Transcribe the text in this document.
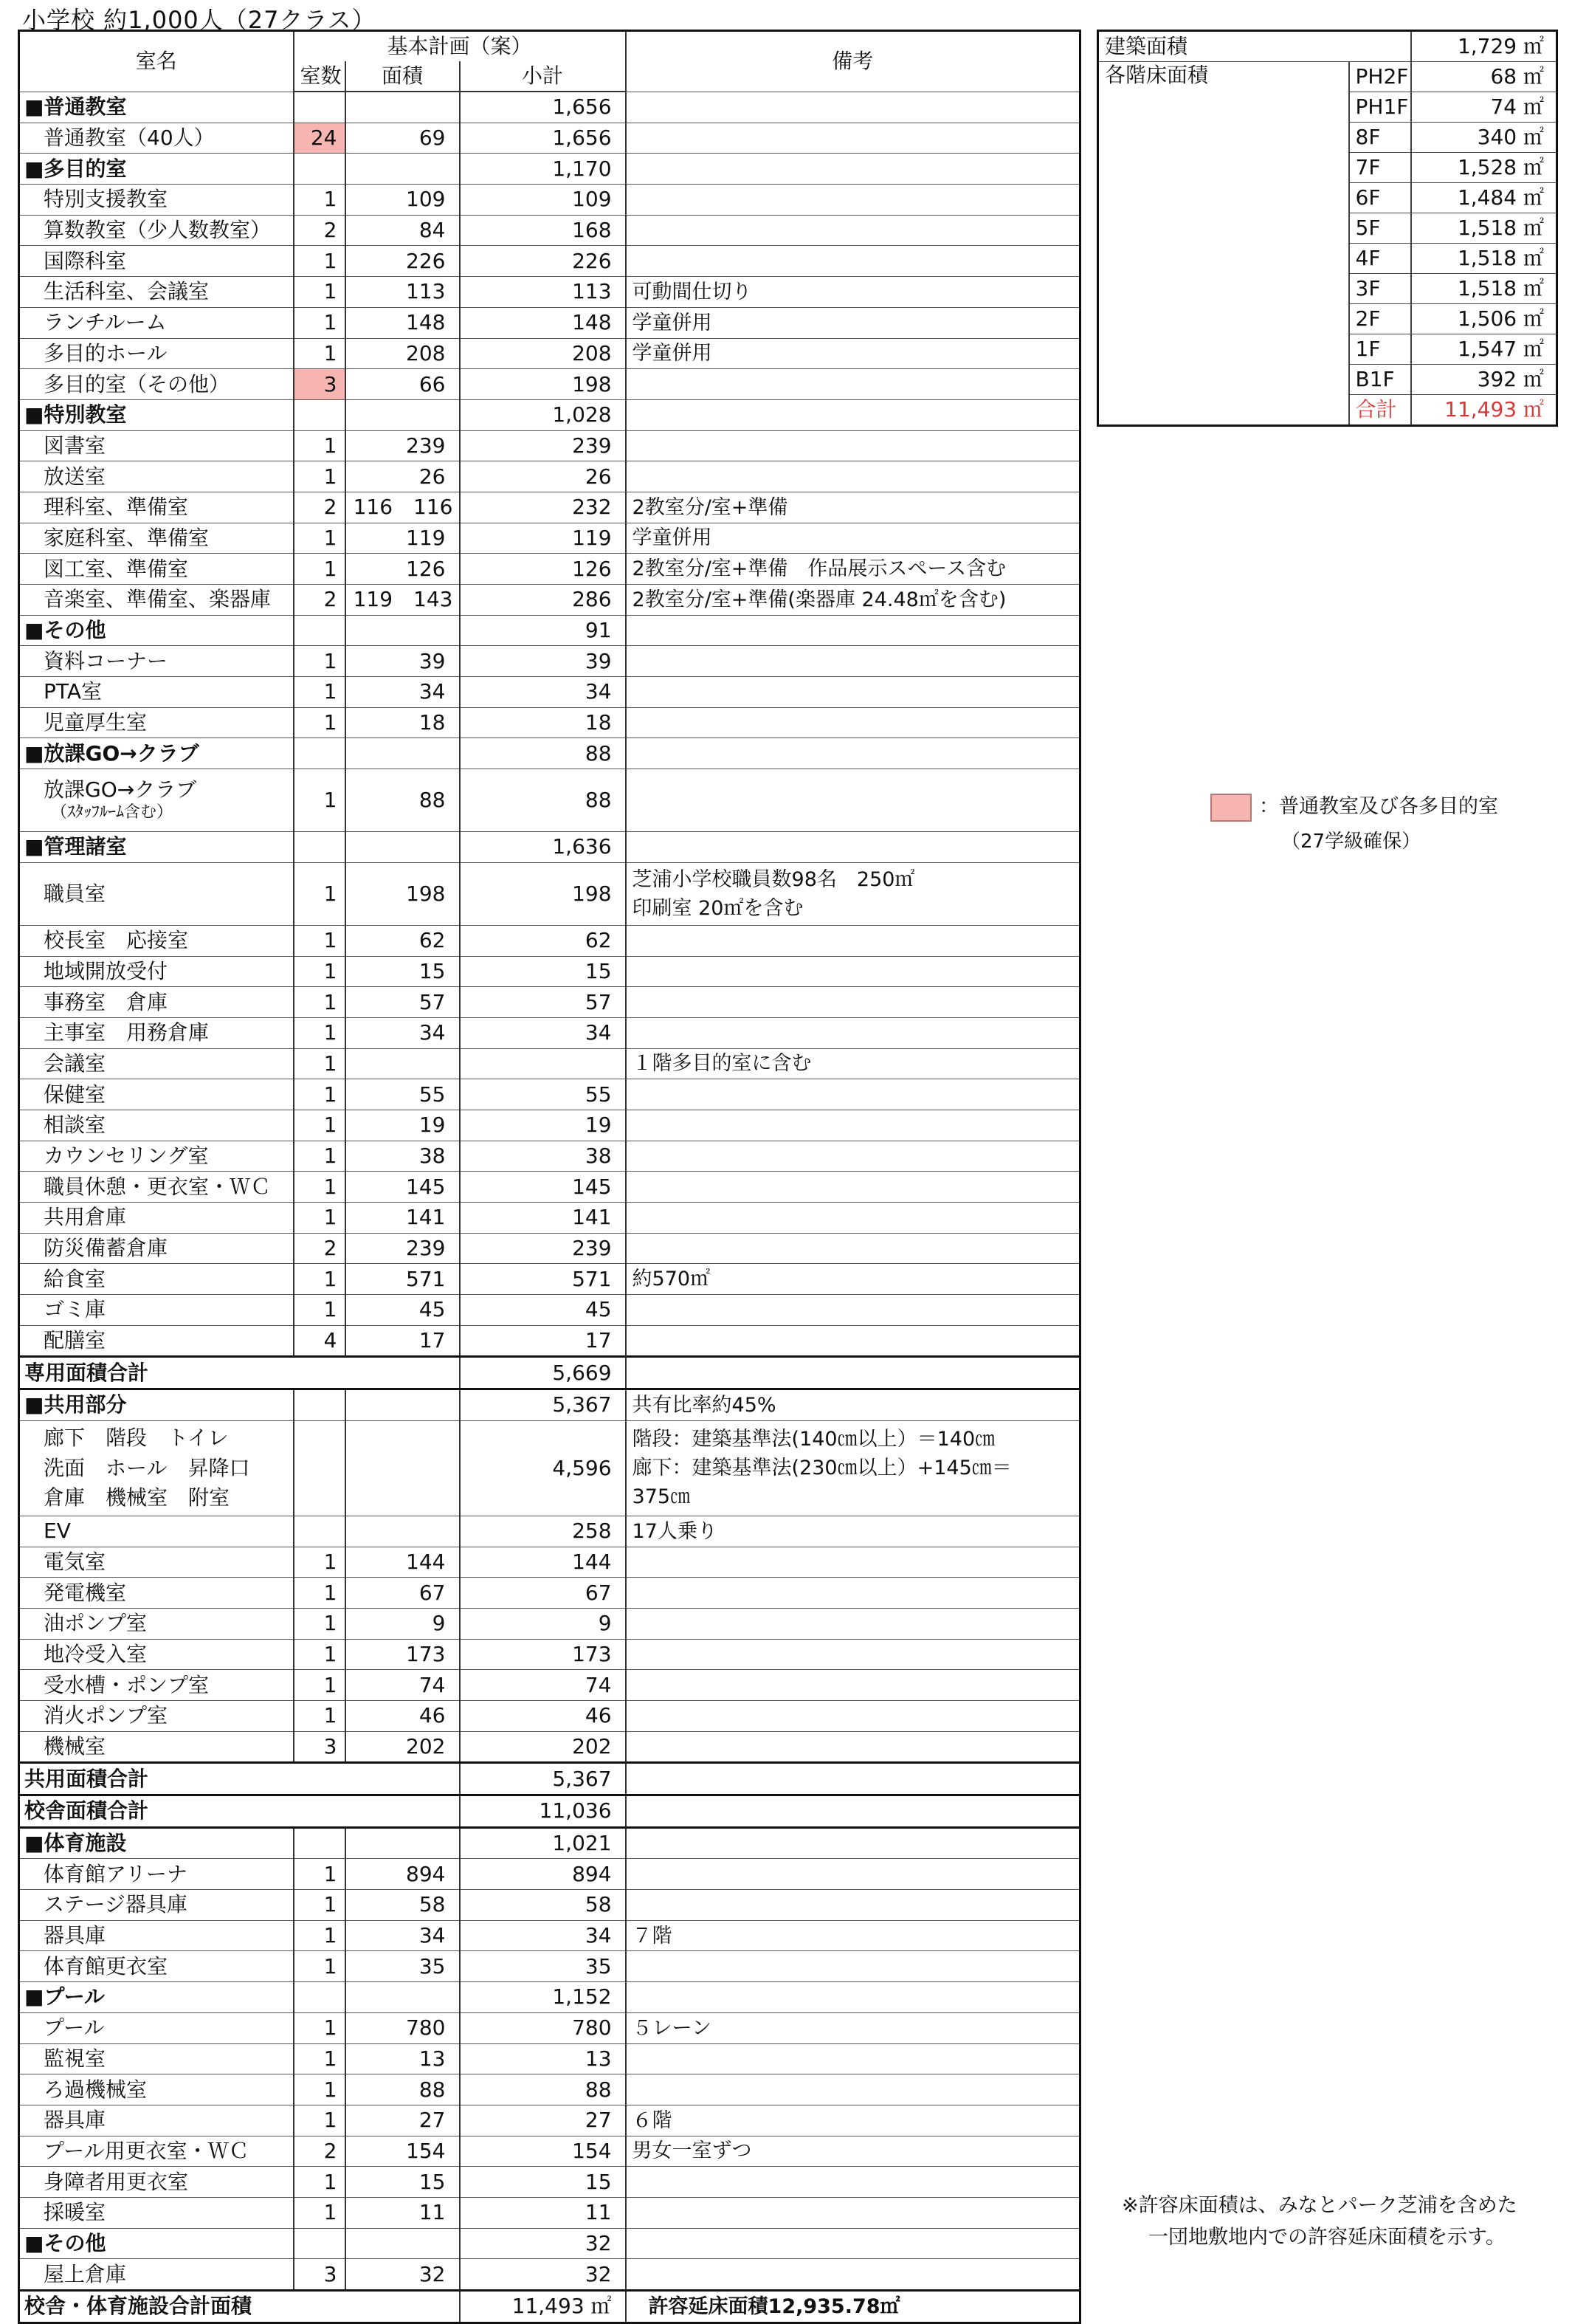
小学校 約1,000人（27クラス）
室名	基本計画（案）			備考
	室数	面積	小計	
■普通教室			1,656	
普通教室（40人）	24	69	1,656	
■多目的室			1,170	
特別支援教室	1	109	109	
算数教室（少人数教室）	2	84	168	
国際科室	1	226	226	
生活科室、会議室	1	113	113	可動間仕切り
ランチルーム	1	148	148	学童併用
多目的ホール	1	208	208	学童併用
多目的室（その他）	3	66	198	
■特別教室			1,028	
図書室	1	239	239	
放送室	1	26	26	
理科室、準備室	2	116　116	232	2教室分/室+準備
家庭科室、準備室	1	119	119	学童併用
図工室、準備室	1	126	126	2教室分/室+準備　作品展示スペース含む
音楽室、準備室、楽器庫	2	119　143	286	2教室分/室+準備(楽器庫 24.48㎡を含む)
■その他			91	
資料コーナー	1	39	39	
PTA室	1	34	34	
児童厚生室	1	18	18	
■放課GO→クラブ			88	
放課GO→クラブ
（ｽﾀｯﾌﾙｰﾑ含む）	1	88	88	
■管理諸室			1,636	
職員室	1	198	198	芝浦小学校職員数98名　250㎡
印刷室 20㎡を含む
校長室　応接室	1	62	62	
地域開放受付	1	15	15	
事務室　倉庫	1	57	57	
主事室　用務倉庫	1	34	34	
会議室	1			１階多目的室に含む
保健室	1	55	55	
相談室	1	19	19	
カウンセリング室	1	38	38	
職員休憩・更衣室・ＷＣ	1	145	145	
共用倉庫	1	141	141	
防災備蓄倉庫	2	239	239	
給食室	1	571	571	約570㎡
ゴミ庫	1	45	45	
配膳室	4	17	17	
専用面積合計			5,669	
■共用部分			5,367	共有比率約45%
廊下　階段　トイレ
洗面　ホール　昇降口
倉庫　機械室　附室			4,596	階段：建築基準法(140㎝以上）＝140㎝
廊下：建築基準法(230㎝以上）+145㎝＝
375㎝
EV			258	17人乗り
電気室	1	144	144	
発電機室	1	67	67	
油ポンプ室	1	9	9	
地冷受入室	1	173	173	
受水槽・ポンプ室	1	74	74	
消火ポンプ室	1	46	46	
機械室	3	202	202	
共用面積合計			5,367	
校舎面積合計			11,036	
■体育施設			1,021	
体育館アリーナ	1	894	894	
ステージ器具庫	1	58	58	
器具庫	1	34	34	７階
体育館更衣室	1	35	35	
■プール			1,152	
プール	1	780	780	５レーン
監視室	1	13	13	
ろ過機械室	1	88	88	
器具庫	1	27	27	６階
プール用更衣室・ＷＣ	2	154	154	男女一室ずつ
身障者用更衣室	1	15	15	
採暖室	1	11	11	
■その他			32	
屋上倉庫	3	32	32	
校舎・体育施設合計面積			11,493 ㎡	許容延床面積12,935.78㎡
建築面積		1,729 ㎡
各階床面積	PH2F	68 ㎡
	PH1F	74 ㎡
	8F	340 ㎡
	7F	1,528 ㎡
	6F	1,484 ㎡
	5F	1,518 ㎡
	4F	1,518 ㎡
	3F	1,518 ㎡
	2F	1,506 ㎡
	1F	1,547 ㎡
	B1F	392 ㎡
	合計	11,493 ㎡
：普通教室及び各多目的室
（27学級確保）
※許容床面積は、みなとパーク芝浦を含めた
一団地敷地内での許容延床面積を示す。
